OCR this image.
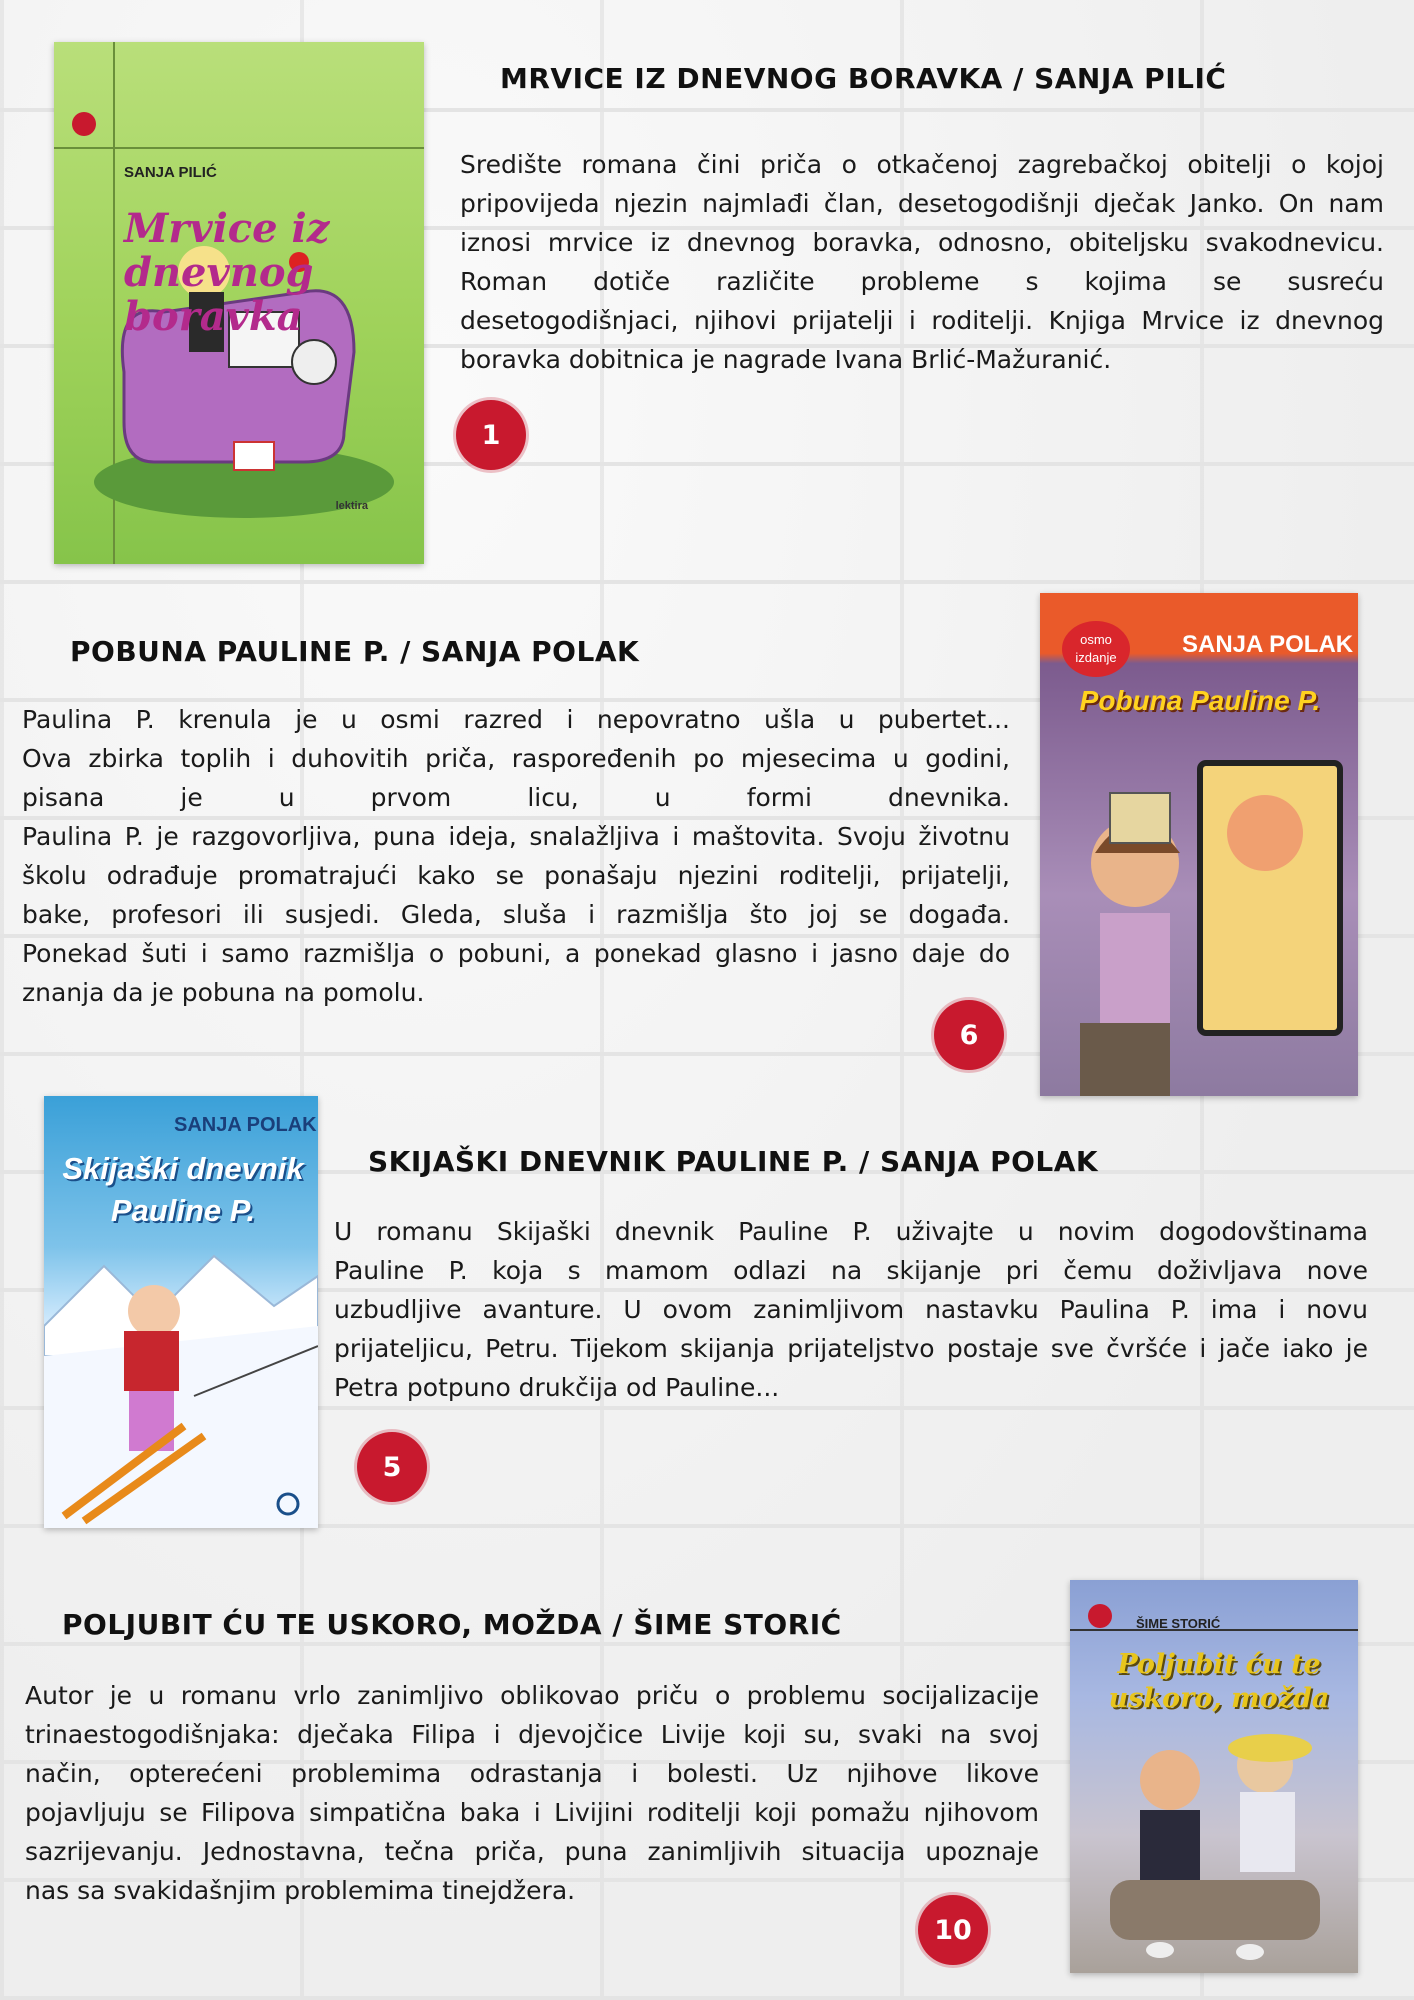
SANJA PILIĆ
Mrvice iz dnevnog boravka
lektira
MRVICE IZ DNEVNOG BORAVKA / SANJA PILIĆ

Središte romana čini priča o otkačenoj zagrebačkoj obitelji o kojoj
pripovijeda njezin najmlađi član, desetogodišnji dječak Janko. On nam
iznosi mrvice iz dnevnog boravka, odnosno, obiteljsku svakodnevicu.
Roman dotiče različite probleme s kojima se susreću
desetogodišnjaci, njihovi prijatelji i roditelji. Knjiga Mrvice iz dnevnog
boravka dobitnica je nagrade Ivana Brlić-Mažuranić.

1
POBUNA PAULINE P. / SANJA POLAK

Paulina P. krenula je u osmi razred i nepovratno ušla u pubertet...
Ova zbirka toplih i duhovitih priča, raspoređenih po mjesecima u godini,
pisana je u prvom licu, u formi dnevnika.
Paulina P. je razgovorljiva, puna ideja, snalažljiva i maštovita. Svoju životnu
školu odrađuje promatrajući kako se ponašaju njezini roditelji, prijatelji,
bake, profesori ili susjedi. Gleda, sluša i razmišlja što joj se događa.
Ponekad šuti i samo razmišlja o pobuni, a ponekad glasno i jasno daje do
znanja da je pobuna na pomolu.

6
osmo izdanje	SANJA POLAK
Pobuna Pauline P.
SANJA POLAK
Skijaški dnevnik Pauline P.
SKIJAŠKI DNEVNIK PAULINE P. / SANJA POLAK

U romanu Skijaški dnevnik Pauline P. uživajte u novim dogodovštinama
Pauline P. koja s mamom odlazi na skijanje pri čemu doživljava nove
uzbudljive avanture. U ovom zanimljivom nastavku Paulina P. ima i novu
prijateljicu, Petru. Tijekom skijanja prijateljstvo postaje sve čvršće i jače iako je
Petra potpuno drukčija od Pauline...

5
POLJUBIT ĆU TE USKORO, MOŽDA / ŠIME STORIĆ

Autor je u romanu vrlo zanimljivo oblikovao priču o problemu socijalizacije
trinaestogodišnjaka: dječaka Filipa i djevojčice Livije koji su, svaki na svoj
način, opterećeni problemima odrastanja i bolesti. Uz njihove likove
pojavljuju se Filipova simpatična baka i Livijini roditelji koji pomažu njihovom
sazrijevanju. Jednostavna, tečna priča, puna zanimljivih situacija upoznaje
nas sa svakidašnjim problemima tinejdžera.

10
ŠIME STORIĆ
Poljubit ću te uskoro, možda
